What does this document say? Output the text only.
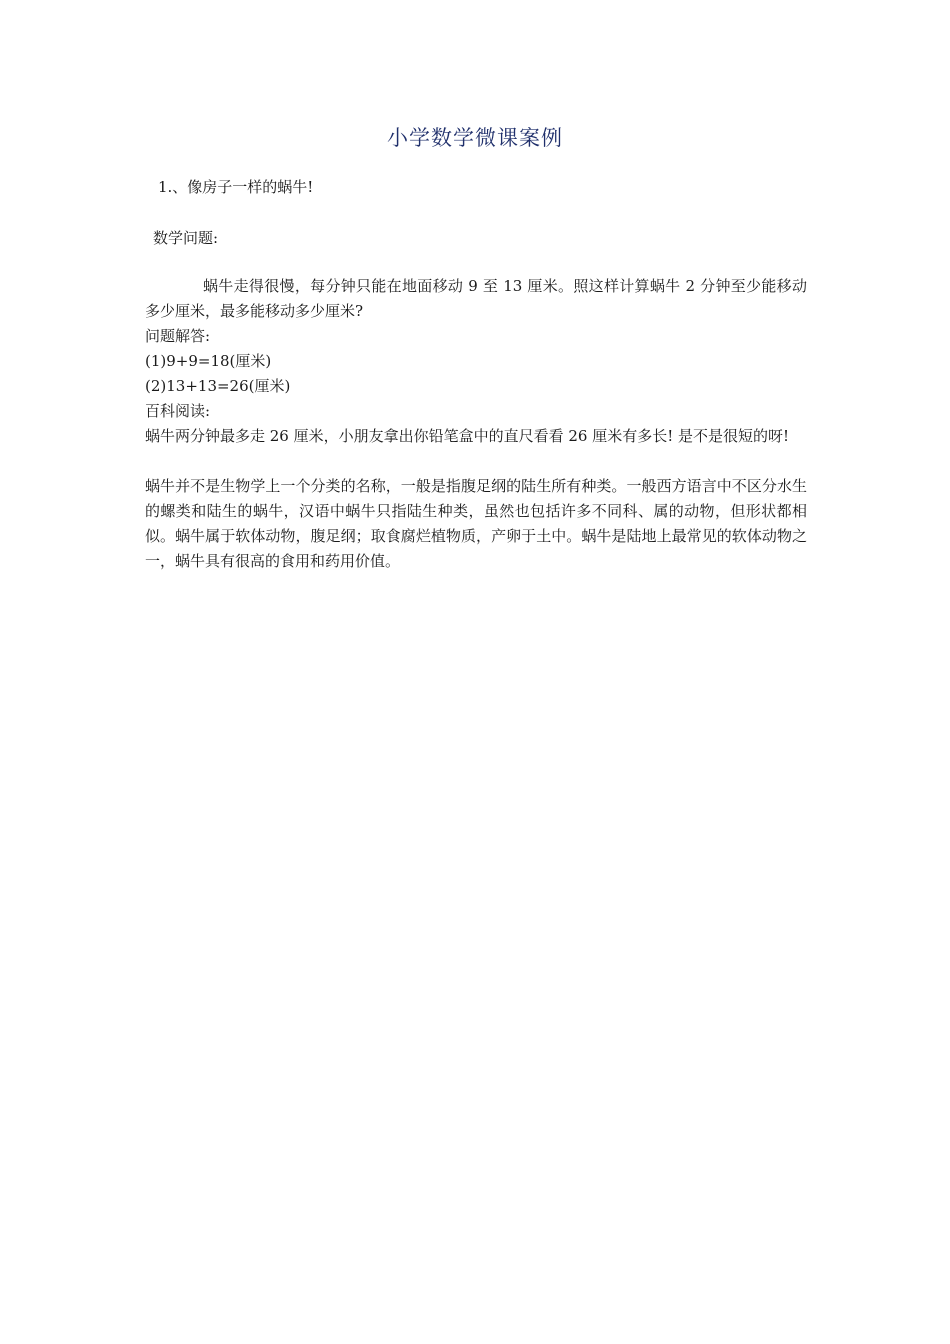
小学数学微课案例
1.、像房子一样的蜗牛!
数学问题:
蜗牛走得很慢，每分钟只能在地面移动 9 至 13 厘米。照这样计算蜗牛 2 分钟至少能移动多少厘米，最多能移动多少厘米?
问题解答:
(1)9+9=18(厘米)
(2)13+13=26(厘米)
百科阅读:
蜗牛两分钟最多走 26 厘米，小朋友拿出你铅笔盒中的直尺看看 26 厘米有多长! 是不是很短的呀!
蜗牛并不是生物学上一个分类的名称，一般是指腹足纲的陆生所有种类。一般西方语言中不区分水生的螺类和陆生的蜗牛，汉语中蜗牛只指陆生种类，虽然也包括许多不同科、属的动物，但形状都相似。蜗牛属于软体动物，腹足纲；取食腐烂植物质，产卵于土中。蜗牛是陆地上最常见的软体动物之一，蜗牛具有很高的食用和药用价值。
